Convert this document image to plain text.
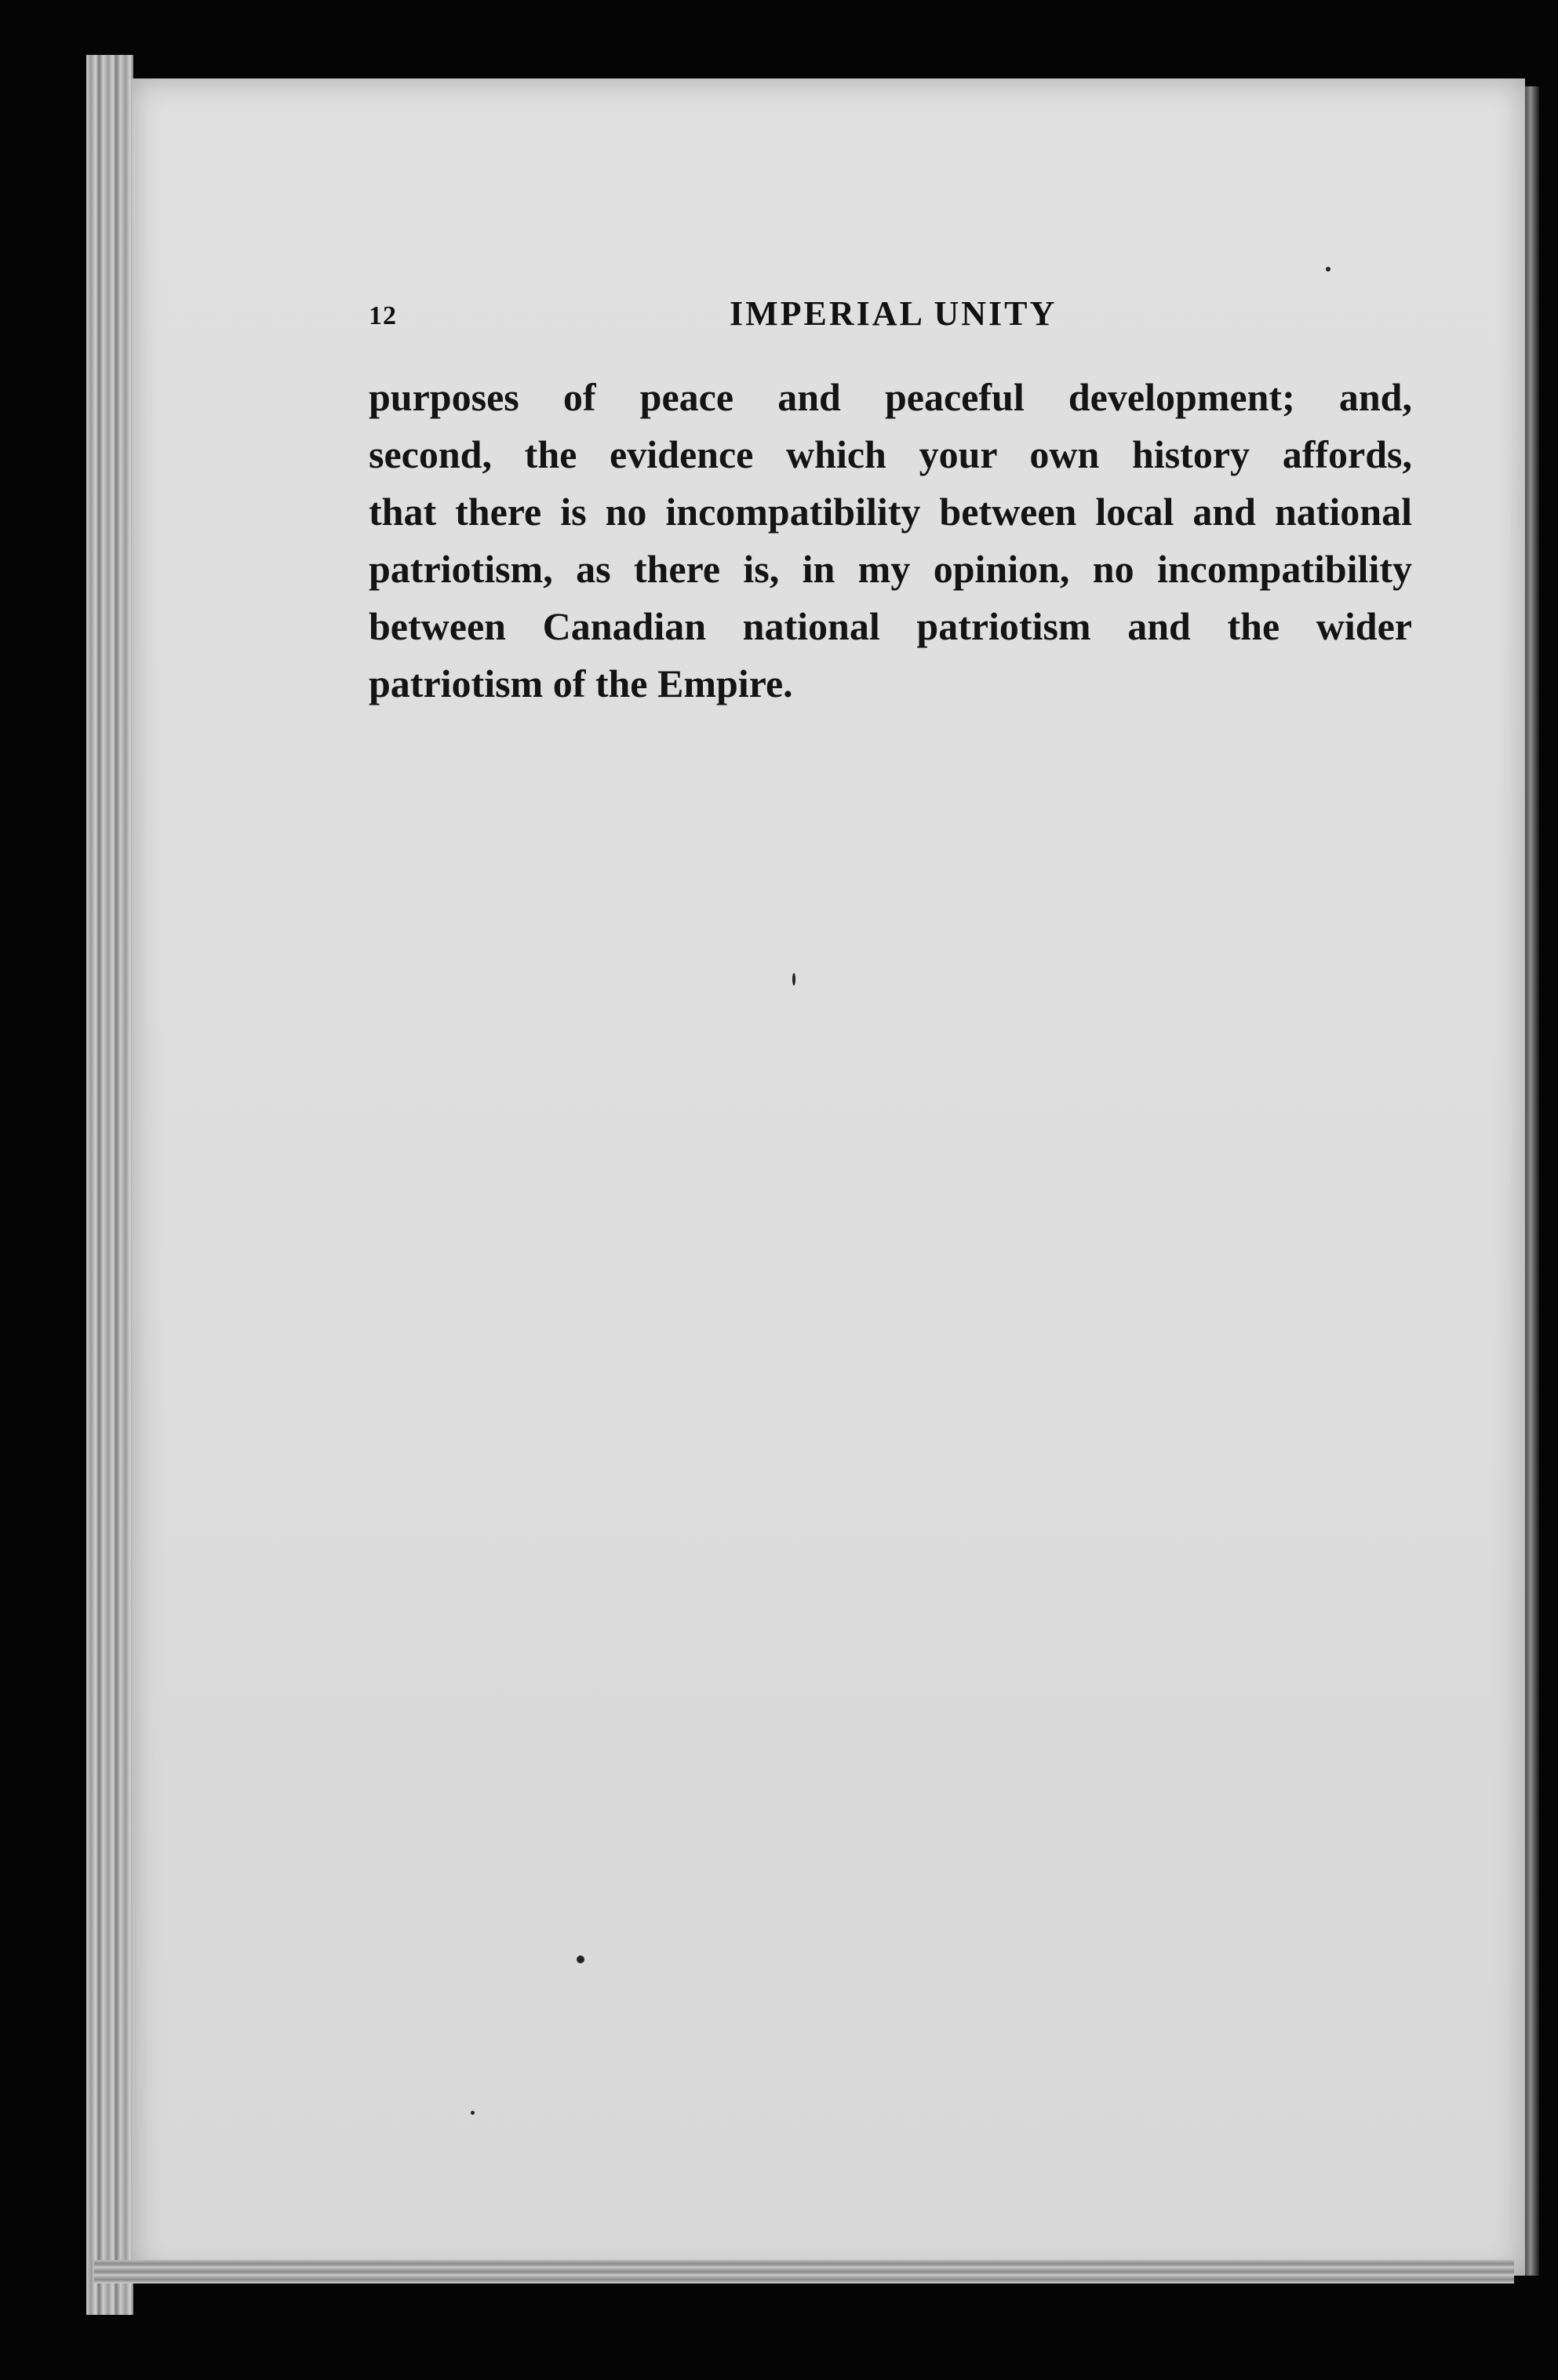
12	IMPERIAL UNITY
purposes of peace and peaceful development; and,
second, the evidence which your own history affords,
that there is no incompatibility between local and national
patriotism, as there is, in my opinion, no incompatibility
between Canadian national patriotism and the wider
patriotism of the Empire.
